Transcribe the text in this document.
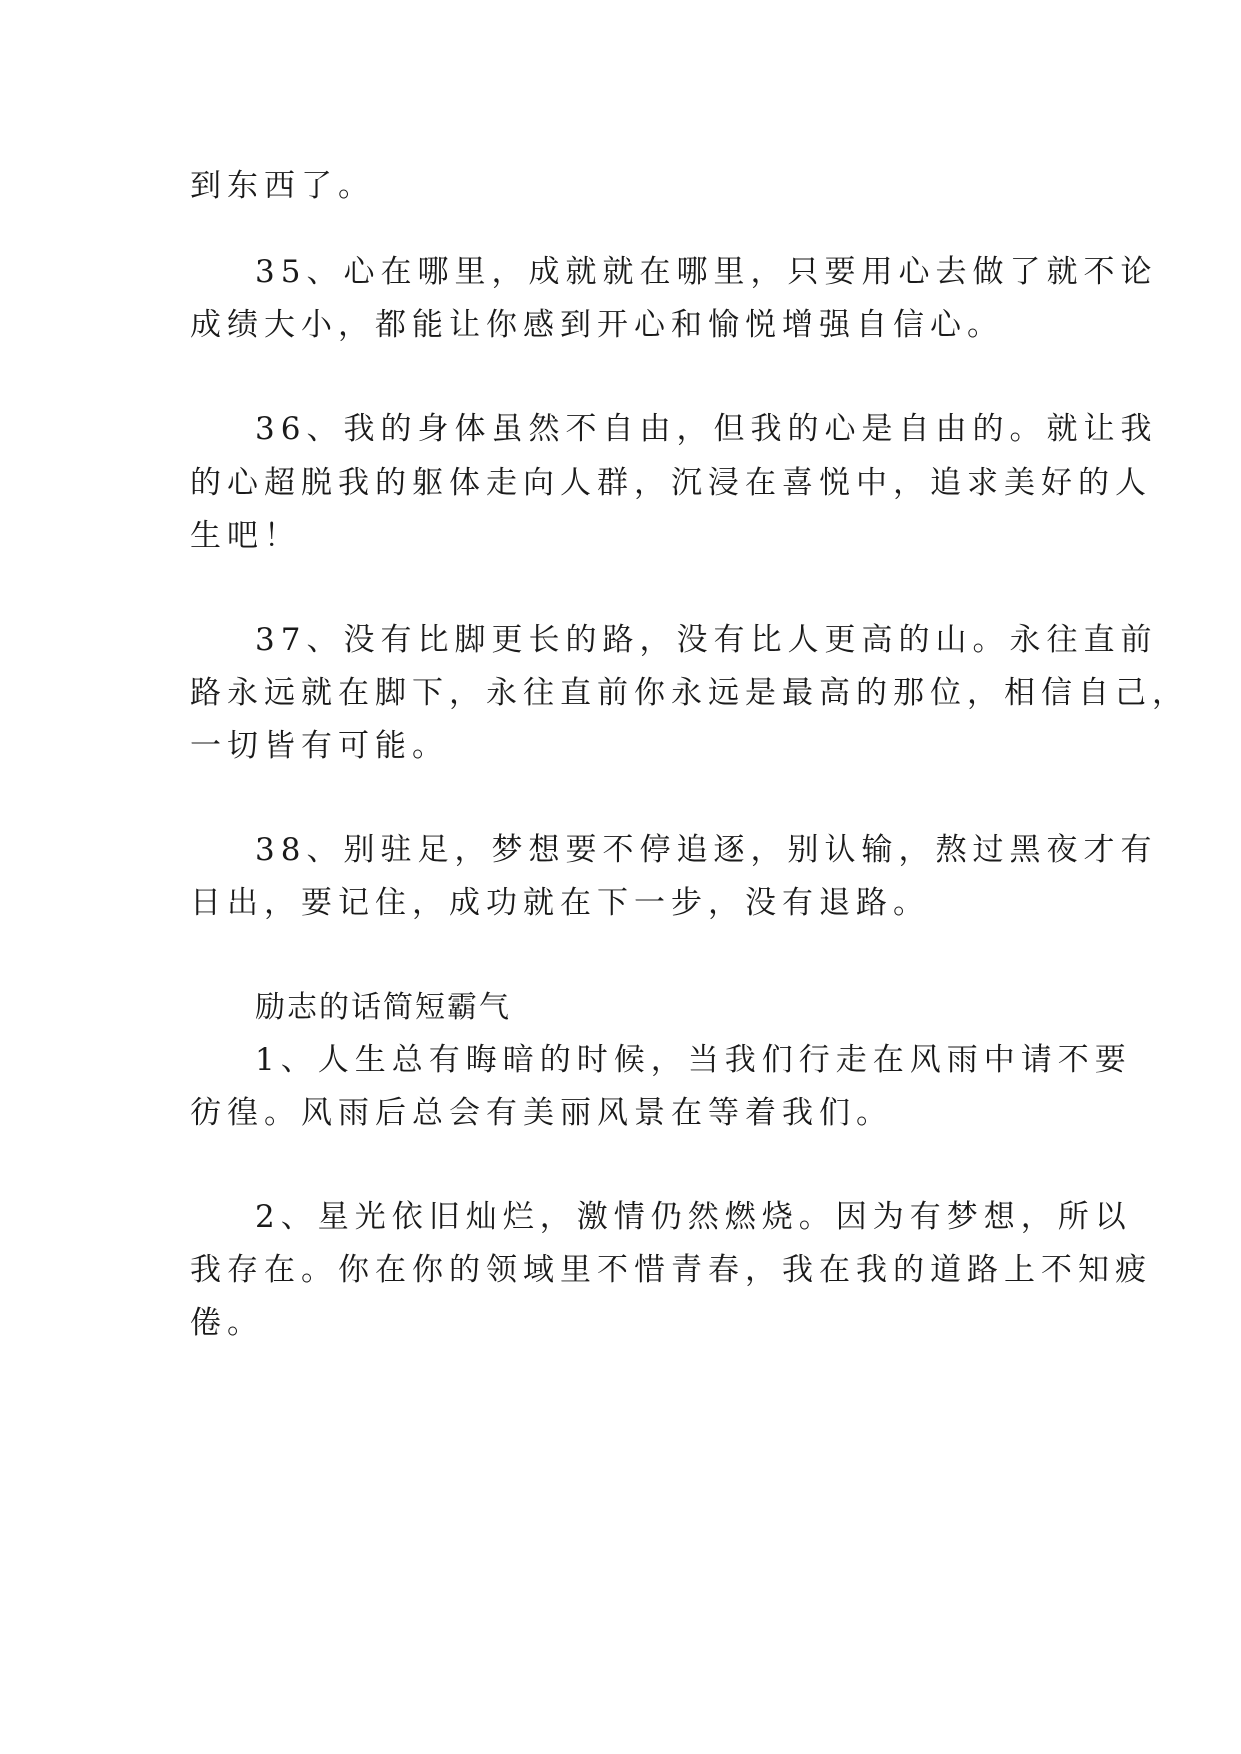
到东西了。
35、心在哪里，成就就在哪里，只要用心去做了就不论
成绩大小，都能让你感到开心和愉悦增强自信心。
36、我的身体虽然不自由，但我的心是自由的。就让我
的心超脱我的躯体走向人群，沉浸在喜悦中，追求美好的人
生吧！
37、没有比脚更长的路，没有比人更高的山。永往直前
路永远就在脚下，永往直前你永远是最高的那位，相信自己，
一切皆有可能。
38、别驻足，梦想要不停追逐，别认输，熬过黑夜才有
日出，要记住，成功就在下一步，没有退路。
励志的话简短霸气
1、人生总有晦暗的时候，当我们行走在风雨中请不要
彷徨。风雨后总会有美丽风景在等着我们。
2、星光依旧灿烂，激情仍然燃烧。因为有梦想，所以
我存在。你在你的领域里不惜青春，我在我的道路上不知疲
倦。
